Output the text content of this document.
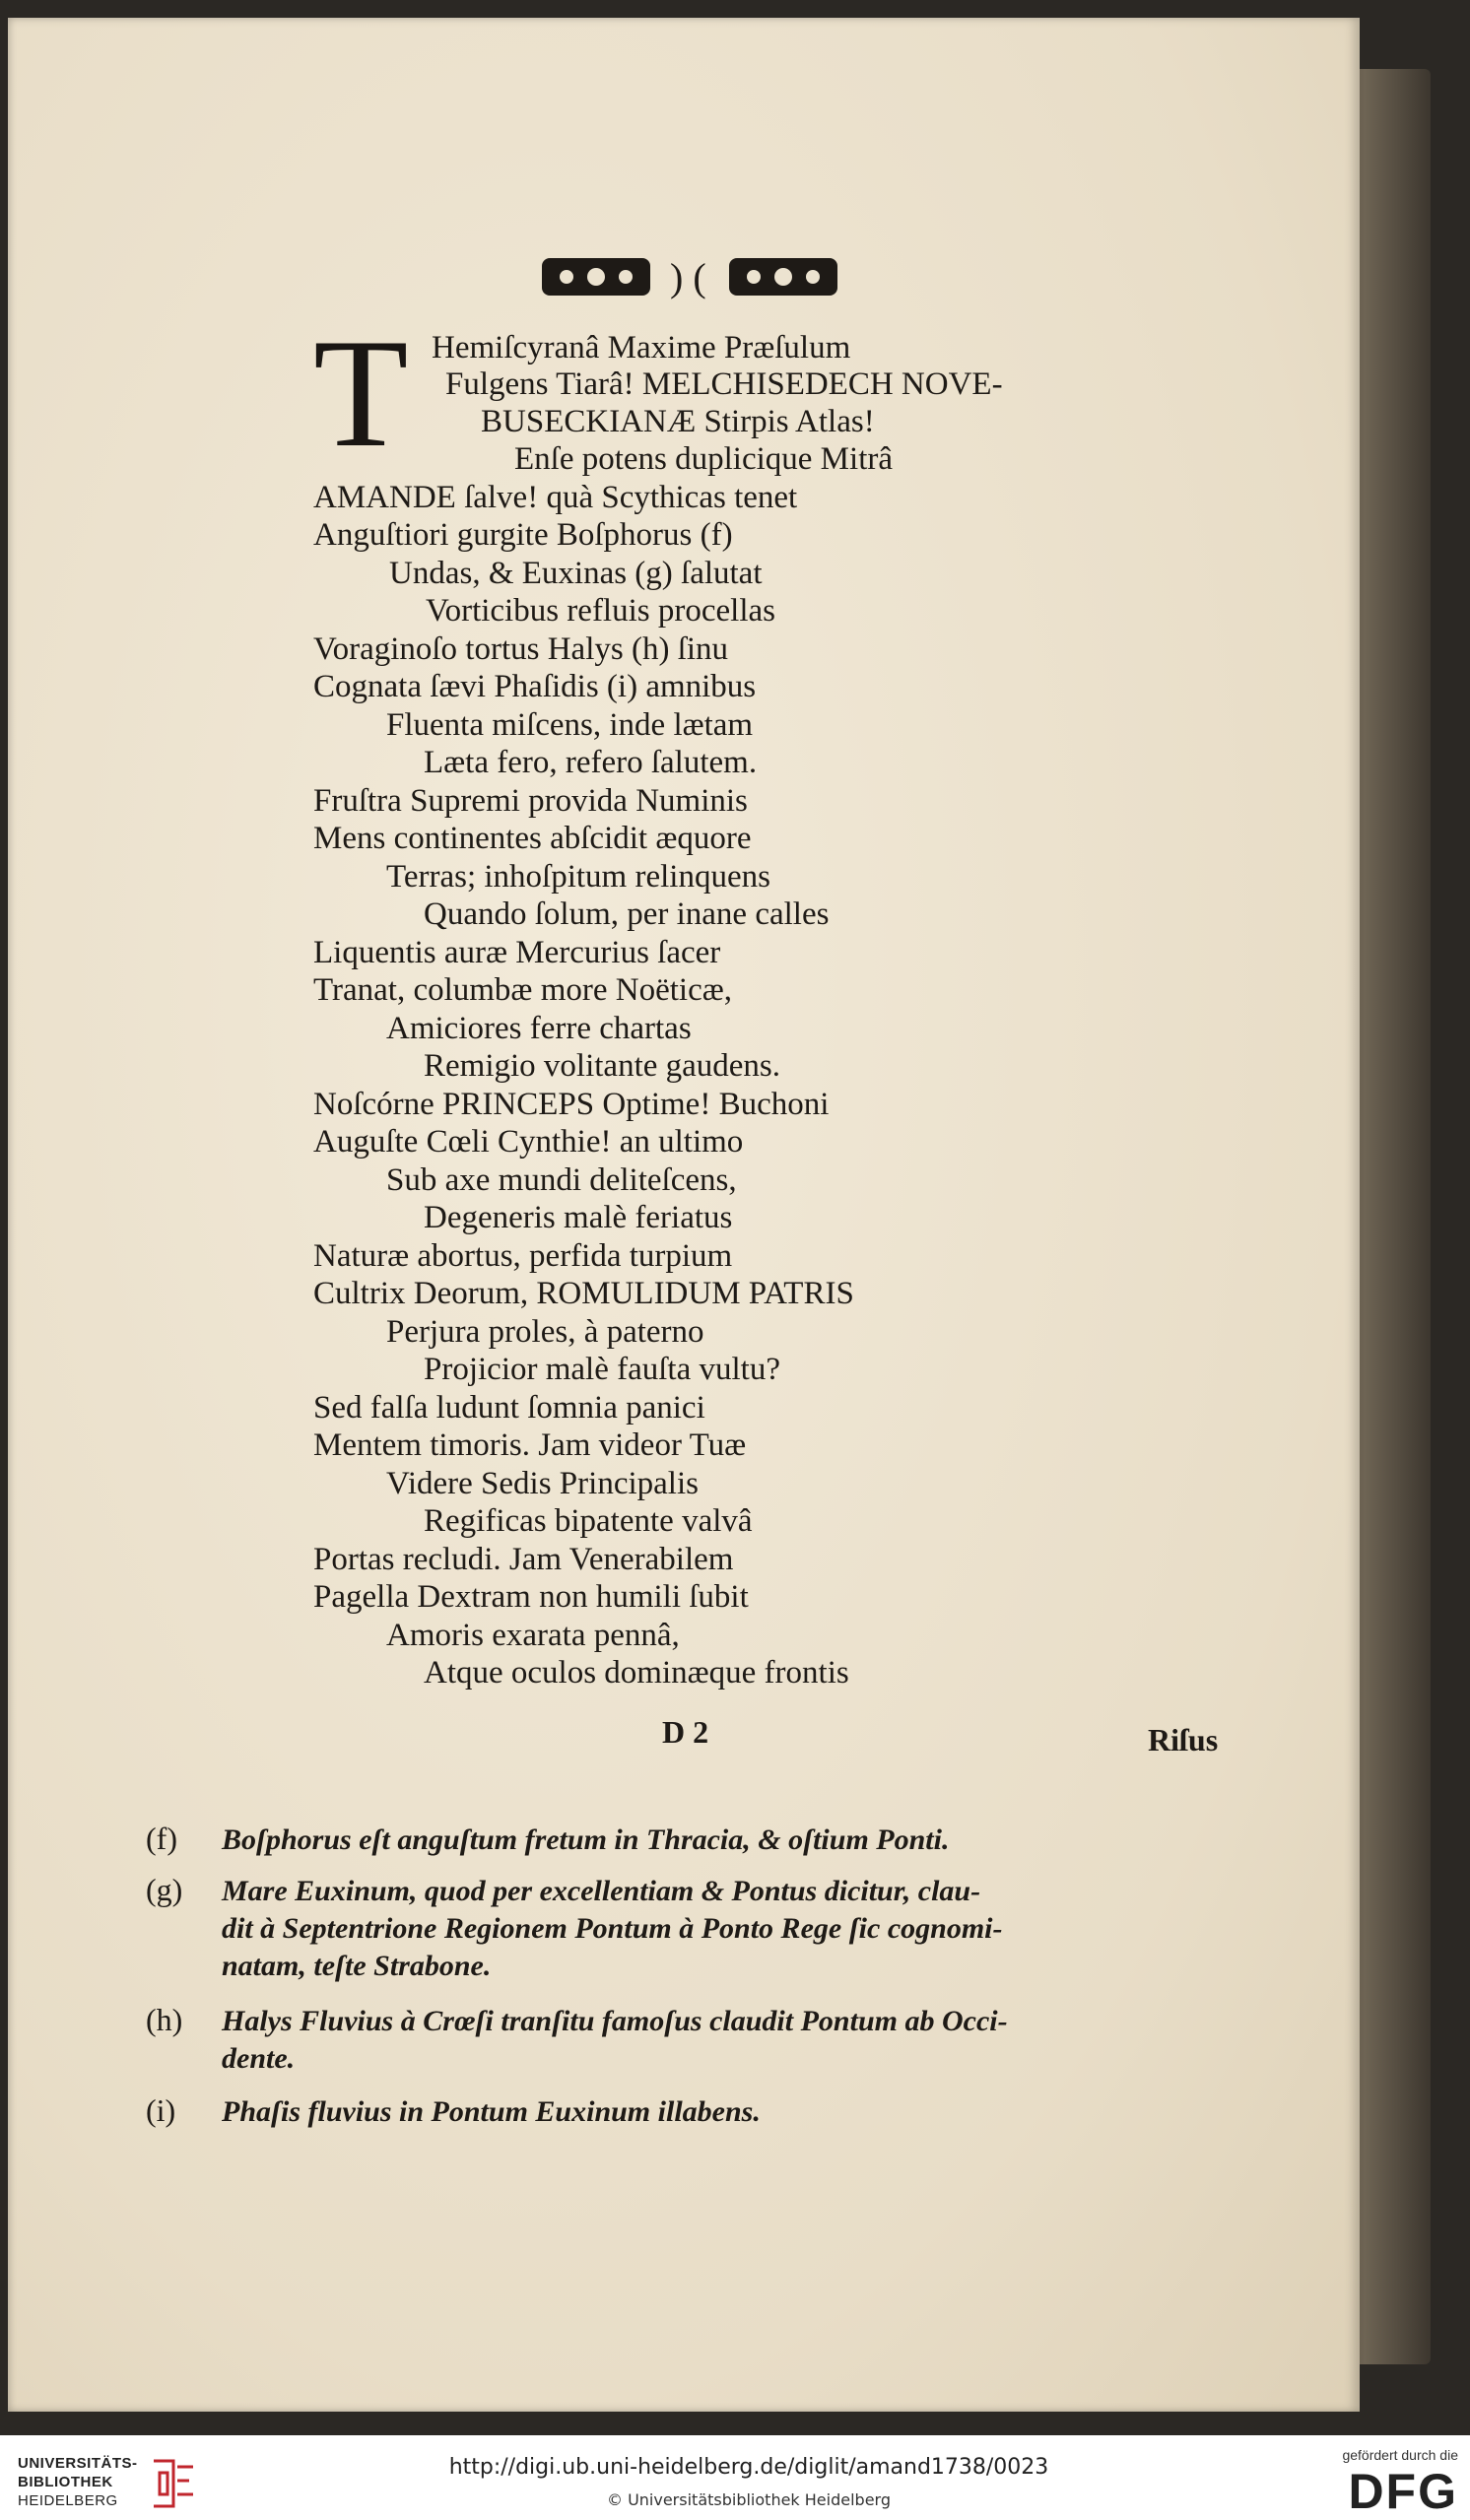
) (
T Hemiſcyranâ Maxime Præſulum
Fulgens Tiarâ! MELCHISEDECH NOVE-
BUSECKIANÆ Stirpis Atlas!
Enſe potens duplicique Mitrâ
AMANDE ſalve! quà Scythicas tenet
Anguſtiori gurgite Boſphorus (f)
Undas, & Euxinas (g) ſalutat
Vorticibus refluis procellas
Voraginoſo tortus Halys (h) ſinu
Cognata ſævi Phaſidis (i) amnibus
Fluenta miſcens, inde lætam
Læta fero, refero ſalutem.
Fruſtra Supremi provida Numinis
Mens continentes abſcidit æquore
Terras; inhoſpitum relinquens
Quando ſolum, per inane calles
Liquentis auræ Mercurius ſacer
Tranat, columbæ more Noëticæ,
Amiciores ferre chartas
Remigio volitante gaudens.
Noſcórne PRINCEPS Optime! Buchoni
Auguſte Cœli Cynthie! an ultimo
Sub axe mundi deliteſcens,
Degeneris malè feriatus
Naturæ abortus, perfida turpium
Cultrix Deorum, ROMULIDUM PATRIS
Perjura proles, à paterno
Projicior malè fauſta vultu?
Sed falſa ludunt ſomnia panici
Mentem timoris. Jam videor Tuæ
Videre Sedis Principalis
Regificas bipatente valvâ
Portas recludi. Jam Venerabilem
Pagella Dextram non humili ſubit
Amoris exarata pennâ,
Atque oculos dominæque frontis
D 2	Riſus
(f) Boſphorus eſt anguſtum fretum in Thracia, & oſtium Ponti.
(g) Mare Euxinum, quod per excellentiam & Pontus dicitur, clau-
dit à Septentrione Regionem Pontum à Ponto Rege ſic cognomi-
natam, teſte Strabone.
(h) Halys Fluvius à Crœſi tranſitu famoſus claudit Pontum ab Occi-
dente.
(i) Phaſis fluvius in Pontum Euxinum illabens.
UNIVERSITÄTS-
BIBLIOTHEK
HEIDELBERG
http://digi.ub.uni-heidelberg.de/diglit/amand1738/0023
© Universitätsbibliothek Heidelberg
gefördert durch die
DFG
